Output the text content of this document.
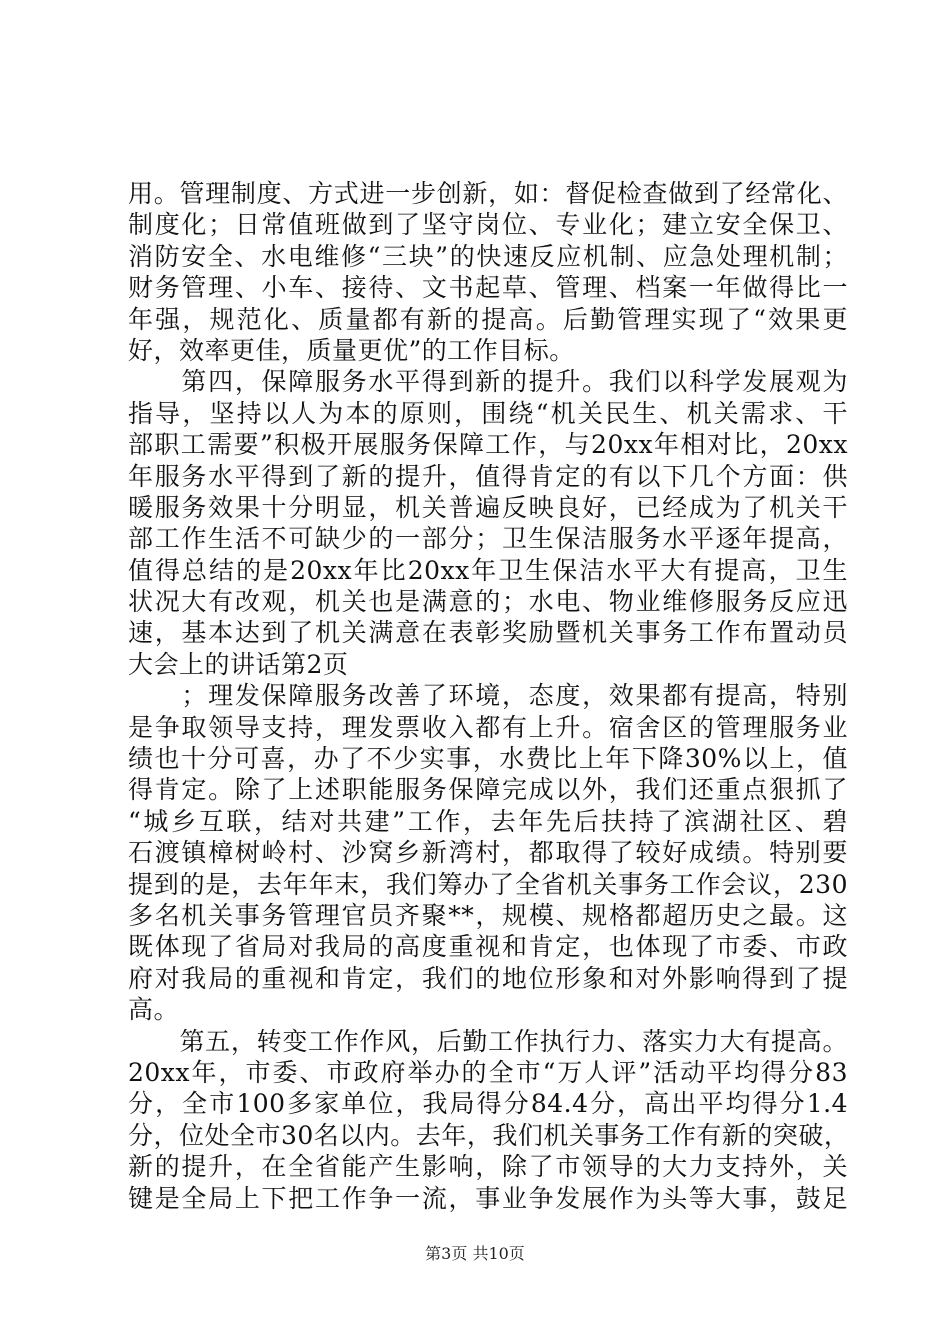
用。管理制度、方式进一步创新，如：督促检查做到了经常化、
制度化；日常值班做到了坚守岗位、专业化；建立安全保卫、
消防安全、水电维修“三块”的快速反应机制、应急处理机制；
财务管理、小车、接待、文书起草、管理、档案一年做得比一
年强，规范化、质量都有新的提高。后勤管理实现了“效果更
好，效率更佳，质量更优”的工作目标。
　　第四，保障服务水平得到新的提升。我们以科学发展观为
指导，坚持以人为本的原则，围绕“机关民生、机关需求、干
部职工需要”积极开展服务保障工作，与20xx年相对比，20xx
年服务水平得到了新的提升，值得肯定的有以下几个方面：供
暖服务效果十分明显，机关普遍反映良好，已经成为了机关干
部工作生活不可缺少的一部分；卫生保洁服务水平逐年提高，
值得总结的是20xx年比20xx年卫生保洁水平大有提高，卫生
状况大有改观，机关也是满意的；水电、物业维修服务反应迅
速，基本达到了机关满意在表彰奖励暨机关事务工作布置动员
大会上的讲话第2页
　　；理发保障服务改善了环境，态度，效果都有提高，特别
是争取领导支持，理发票收入都有上升。宿舍区的管理服务业
绩也十分可喜，办了不少实事，水费比上年下降30%以上，值
得肯定。除了上述职能服务保障完成以外，我们还重点狠抓了
“城乡互联，结对共建”工作，去年先后扶持了滨湖社区、碧
石渡镇樟树岭村、沙窝乡新湾村，都取得了较好成绩。特别要
提到的是，去年年末，我们筹办了全省机关事务工作会议，230
多名机关事务管理官员齐聚**，规模、规格都超历史之最。这
既体现了省局对我局的高度重视和肯定，也体现了市委、市政
府对我局的重视和肯定，我们的地位形象和对外影响得到了提
高。
　　第五，转变工作作风，后勤工作执行力、落实力大有提高。
20xx年，市委、市政府举办的全市“万人评”活动平均得分83
分，全市100多家单位，我局得分84.4分，高出平均得分1.4
分，位处全市30名以内。去年，我们机关事务工作有新的突破，
新的提升，在全省能产生影响，除了市领导的大力支持外，关
键是全局上下把工作争一流，事业争发展作为头等大事，鼓足
第3页 共10页
